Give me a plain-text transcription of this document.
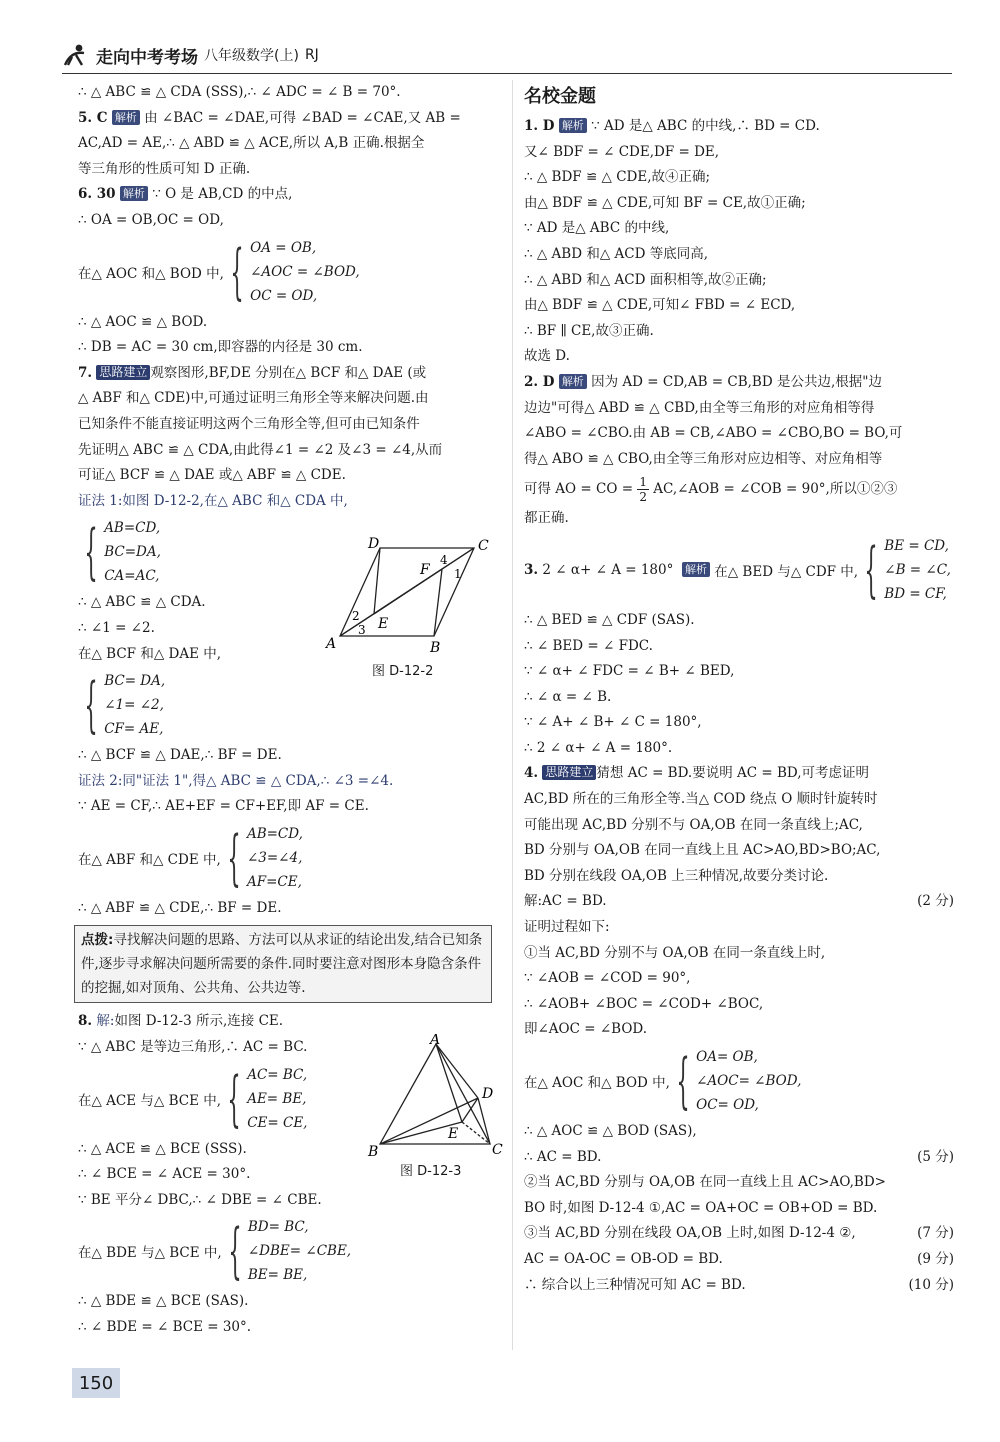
走向中考考场 八年级数学(上) RJ

∴ △ ABC ≌ △ CDA (SSS),∴ ∠ ADC = ∠ B = 70°.

5. C 解析 由 ∠BAC = ∠DAE,可得 ∠BAD = ∠CAE,又 AB =

AC,AD = AE,∴ △ ABD ≌ △ ACE,所以 A,B 正确.根据全

等三角形的性质可知 D 正确.

6. 30 解析 ∵ O 是 AB,CD 的中点,

∴ OA = OB,OC = OD,

在△ AOC 和△ BOD 中, { OA = OB,
∠AOC = ∠BOD,
OC = OD,

∴ △ AOC ≌ △ BOD.

∴ DB = AC = 30 cm,即容器的内径是 30 cm.

7. 思路建立 观察图形,BF,DE 分别在△ BCF 和△ DAE (或

△ ABF 和△ CDE)中,可通过证明三角形全等来解决问题.由

已知条件不能直接证明这两个三角形全等,但可由已知条件

先证明△ ABC ≌ △ CDA,由此得∠1 = ∠2 及∠3 = ∠4,从而

可证△ BCF ≌ △ DAE 或△ ABF ≌ △ CDE.

证法 1:如图 D-12-2,在△ ABC 和△ CDA 中,

{ AB=CD,
BC=DA,
CA=AC,

∴ △ ABC ≌ △ CDA.

∴ ∠1 = ∠2.

在△ BCF 和△ DAE 中,

{ BC= DA,
∠1= ∠2,
CF= AE,

∴ △ BCF ≌ △ DAE,∴ BF = DE.

证法 2:同"证法 1",得△ ABC ≌ △ CDA,∴ ∠3 =∠4.

∵ AE = CF,∴ AE+EF = CF+EF,即 AF = CE.

在△ ABF 和△ CDE 中, { AB=CD,
∠3=∠4,
AF=CE,

∴ △ ABF ≌ △ CDE,∴ BF = DE.

点拨:寻找解决问题的思路、方法可以从求证的结论出发,结合已知条件,逐步寻求解决问题所需要的条件.同时要注意对图形本身隐含条件的挖掘,如对顶角、公共角、公共边等.

8. 解:如图 D-12-3 所示,连接 CE.

∵ △ ABC 是等边三角形,∴ AC = BC.

在△ ACE 与△ BCE 中, { AC= BC,
AE= BE,
CE= CE,

∴ △ ACE ≌ △ BCE (SSS).

∴ ∠ BCE = ∠ ACE = 30°.

∵ BE 平分∠ DBC,∴ ∠ DBE = ∠ CBE.

在△ BDE 与△ BCE 中, { BD= BC,
∠DBE= ∠CBE,
BE= BE,

∴ △ BDE ≌ △ BCE (SAS).

∴ ∠ BDE = ∠ BCE = 30°.

A	B
C
D
E
F 1
2
3
4
图 D-12-2
A
B	C
D
E
图 D-12-3

名校金题

1. D 解析 ∵ AD 是△ ABC 的中线,∴ BD = CD.

又∠ BDF = ∠ CDE,DF = DE,

∴ △ BDF ≌ △ CDE,故④正确;

由△ BDF ≌ △ CDE,可知 BF = CE,故①正确;

∵ AD 是△ ABC 的中线,

∴ △ ABD 和△ ACD 等底同高,

∴ △ ABD 和△ ACD 面积相等,故②正确;

由△ BDF ≌ △ CDE,可知∠ FBD = ∠ ECD,

∴ BF ∥ CE,故③正确.

故选 D.

2. D 解析 因为 AD = CD,AB = CB,BD 是公共边,根据"边

边边"可得△ ABD ≌ △ CBD,由全等三角形的对应角相等得

∠ABO = ∠CBO.由 AB = CB,∠ABO = ∠CBO,BO = BO,可

得△ ABO ≌ △ CBO,由全等三角形对应边相等、对应角相等

可得 AO = CO = $\frac{1}{2}$ AC,∠AOB = ∠COB = 90°,所以①②③

都正确.

3.
2 ∠ α+ ∠ A = 180°
解析
在△ BED 与△ CDF 中, { BE = CD,
∠B = ∠C,
BD = CF,

∴ △ BED ≌ △ CDF (SAS).

∴ ∠ BED = ∠ FDC.

∵ ∠ α+ ∠ FDC = ∠ B+ ∠ BED,

∴ ∠ α = ∠ B.

∵ ∠ A+ ∠ B+ ∠ C = 180°,

∴ 2 ∠ α+ ∠ A = 180°.

4. 思路建立 猜想 AC = BD.要说明 AC = BD,可考虑证明

AC,BD 所在的三角形全等.当△ COD 绕点 O 顺时针旋转时

可能出现 AC,BD 分别不与 OA,OB 在同一条直线上;AC,

BD 分别与 OA,OB 在同一直线上且 AC>AO,BD>BO;AC,

BD 分别在线段 OA,OB 上三种情况,故要分类讨论.

解:AC = BD.	(2 分)

证明过程如下:

①当 AC,BD 分别不与 OA,OB 在同一条直线上时,

∵ ∠AOB = ∠COD = 90°,

∴ ∠AOB+ ∠BOC = ∠COD+ ∠BOC,

即∠AOC = ∠BOD.

在△ AOC 和△ BOD 中, { OA= OB,
∠AOC= ∠BOD,
OC= OD,

∴ △ AOC ≌ △ BOD (SAS),

∴ AC = BD.	(5 分)

②当 AC,BD 分别与 OA,OB 在同一直线上且 AC>AO,BD>

BO 时,如图 D-12-4 ①,AC = OA+OC = OB+OD = BD.

(7 分)

③当 AC,BD 分别在线段 OA,OB 上时,如图 D-12-4 ②,

AC = OA-OC = OB-OD = BD.	(9 分)

∴ 综合以上三种情况可知 AC = BD.	(10 分)

150
